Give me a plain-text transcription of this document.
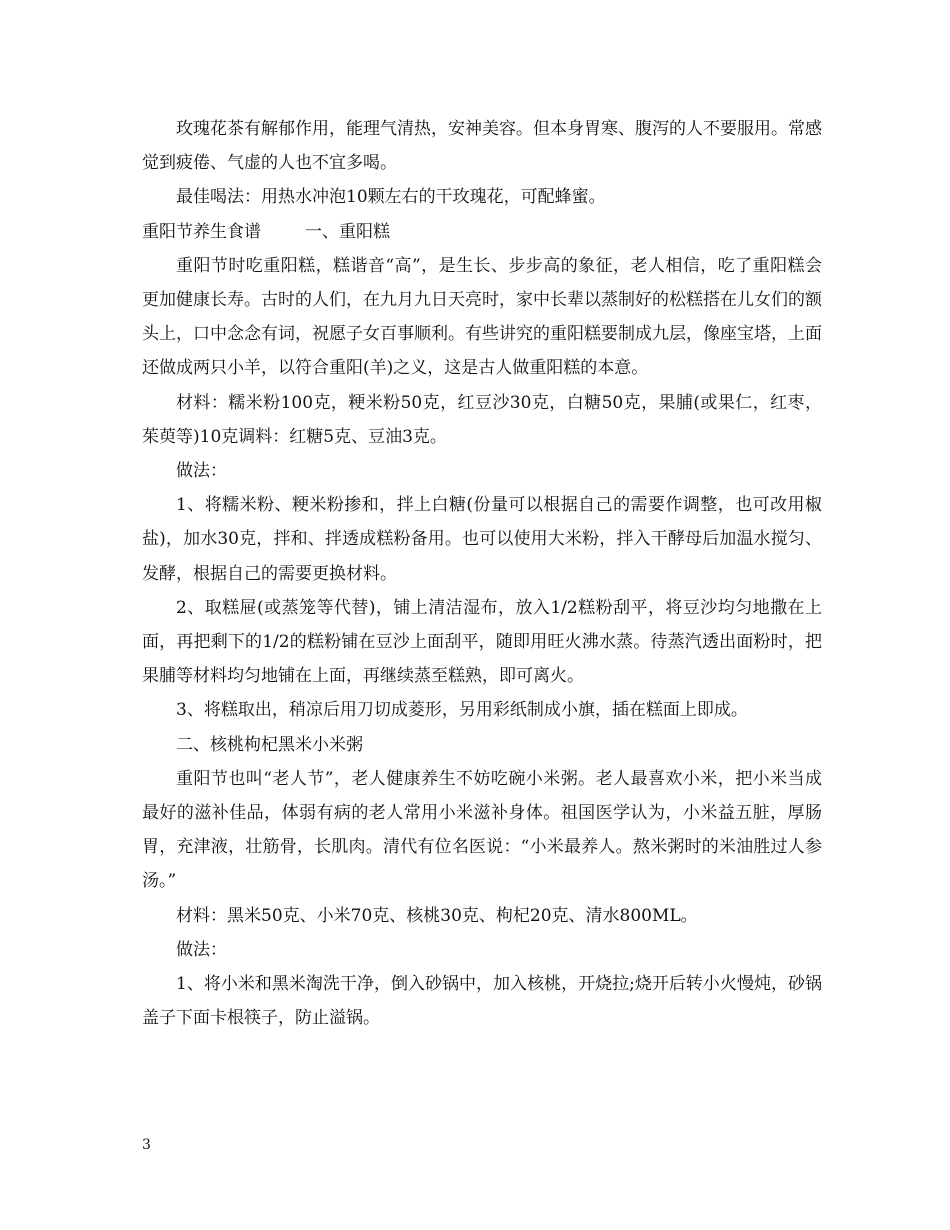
玫瑰花茶有解郁作用，能理气清热，安神美容。但本身胃寒、腹泻的人不要服用。常感觉到疲倦、气虚的人也不宜多喝。

最佳喝法：用热水冲泡10颗左右的干玫瑰花，可配蜂蜜。

重阳节养生食谱	一、重阳糕

重阳节时吃重阳糕，糕谐音“高”，是生长、步步高的象征，老人相信，吃了重阳糕会更加健康长寿。古时的人们，在九月九日天亮时，家中长辈以蒸制好的松糕搭在儿女们的额头上，口中念念有词，祝愿子女百事顺利。有些讲究的重阳糕要制成九层，像座宝塔，上面还做成两只小羊，以符合重阳(羊)之义，这是古人做重阳糕的本意。

材料：糯米粉100克，粳米粉50克，红豆沙30克，白糖50克，果脯(或果仁，红枣，茱萸等)10克调料：红糖5克、豆油3克。

做法：

1、将糯米粉、粳米粉掺和，拌上白糖(份量可以根据自己的需要作调整，也可改用椒盐)，加水30克，拌和、拌透成糕粉备用。也可以使用大米粉，拌入干酵母后加温水搅匀、发酵，根据自己的需要更换材料。

2、取糕屉(或蒸笼等代替)，铺上清洁湿布，放入1/2糕粉刮平，将豆沙均匀地撒在上面，再把剩下的1/2的糕粉铺在豆沙上面刮平，随即用旺火沸水蒸。待蒸汽透出面粉时，把果脯等材料均匀地铺在上面，再继续蒸至糕熟，即可离火。

3、将糕取出，稍凉后用刀切成菱形，另用彩纸制成小旗，插在糕面上即成。

二、核桃枸杞黑米小米粥

重阳节也叫“老人节”，老人健康养生不妨吃碗小米粥。老人最喜欢小米，把小米当成最好的滋补佳品，体弱有病的老人常用小米滋补身体。祖国医学认为，小米益五脏，厚肠胃，充津液，壮筋骨，长肌肉。清代有位名医说：“小米最养人。熬米粥时的米油胜过人参汤。”

材料：黑米50克、小米70克、核桃30克、枸杞20克、清水800ML。

做法：

1、将小米和黑米淘洗干净，倒入砂锅中，加入核桃，开烧拉;烧开后转小火慢炖，砂锅盖子下面卡根筷子，防止溢锅。

3
